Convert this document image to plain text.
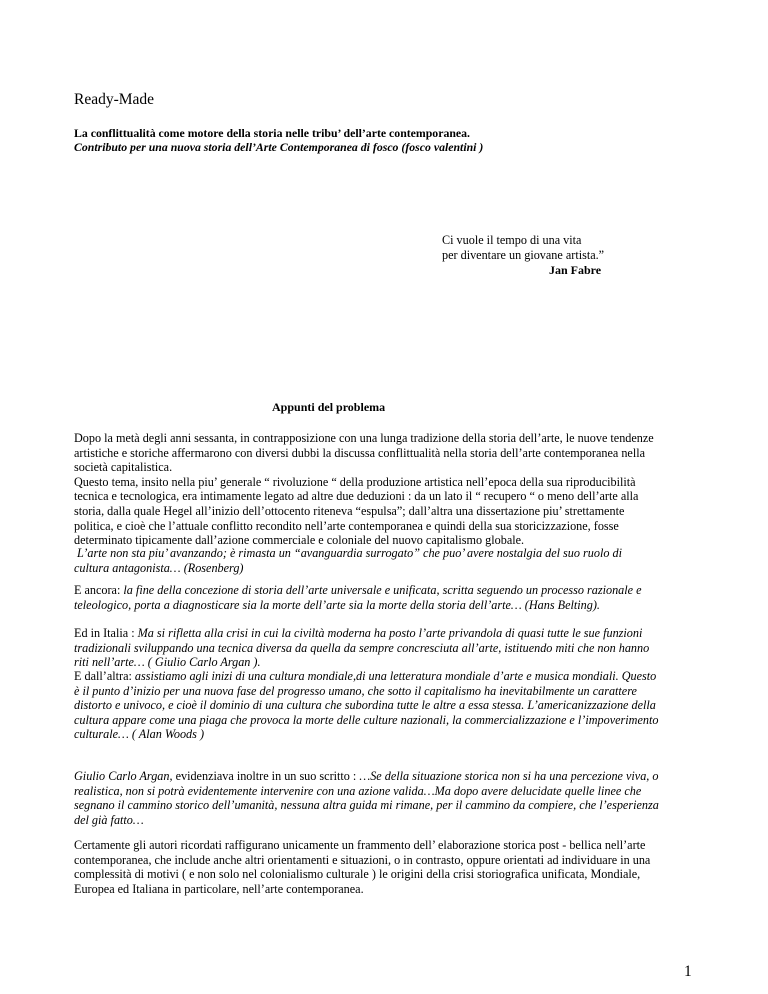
Ready-Made
La conflittualità come motore della storia nelle tribu’ dell’arte contemporanea.
Contributo per una nuova storia dell’Arte Contemporanea di fosco (fosco valentini )
Ci vuole il tempo di una vita
per diventare un giovane artista.”
Jan Fabre
Appunti del problema
Dopo la metà degli anni sessanta, in contrapposizione con una lunga tradizione della storia dell’arte, le nuove tendenze
artistiche e storiche affermarono con diversi dubbi la discussa conflittualità nella storia dell’arte contemporanea nella
società capitalistica.
Questo tema, insito nella piu’ generale “ rivoluzione “ della produzione artistica nell’epoca della sua riproducibilità
tecnica e tecnologica, era intimamente legato ad altre due deduzioni : da un lato il “ recupero “ o meno dell’arte alla
storia, dalla quale Hegel all’inizio dell’ottocento riteneva “espulsa”; dall’altra una dissertazione piu’ strettamente
politica, e cioè che l’attuale conflitto recondito nell’arte contemporanea e quindi della sua storicizzazione, fosse
determinato tipicamente dall’azione commerciale e coloniale del nuovo capitalismo globale.
L’arte non sta piu’ avanzando; è rimasta un “avanguardia surrogato” che puo’ avere nostalgia del suo ruolo di
cultura antagonista… (Rosenberg)
E ancora: la fine della concezione di storia dell’arte universale e unificata, scritta seguendo un processo razionale e
teleologico, porta a diagnosticare sia la morte dell’arte sia la morte della storia dell’arte… (Hans Belting).
Ed in Italia : Ma si rifletta alla crisi in cui la civiltà moderna ha posto l’arte privandola di quasi tutte le sue funzioni
tradizionali sviluppando una tecnica diversa da quella da sempre concresciuta all’arte, istituendo miti che non hanno
riti nell’arte… ( Giulio Carlo Argan ).
E dall’altra: assistiamo agli inizi di una cultura mondiale,di una letteratura mondiale d’arte e musica mondiali. Questo
è il punto d’inizio per una nuova fase del progresso umano, che sotto il capitalismo ha inevitabilmente un carattere
distorto e univoco, e cioè il dominio di una cultura che subordina tutte le altre a essa stessa. L’americanizzazione della
cultura appare come una piaga che provoca la morte delle culture nazionali, la commercializzazione e l’impoverimento
culturale… ( Alan Woods )
Giulio Carlo Argan, evidenziava inoltre in un suo scritto : …Se della situazione storica non si ha una percezione viva, o
realistica, non si potrà evidentemente intervenire con una azione valida…Ma dopo avere delucidate quelle linee che
segnano il cammino storico dell’umanità, nessuna altra guida mi rimane, per il cammino da compiere, che l’esperienza
del già fatto…
Certamente gli autori ricordati raffigurano unicamente un frammento dell’ elaborazione storica post - bellica nell’arte
contemporanea, che include anche altri orientamenti e situazioni, o in contrasto, oppure orientati ad individuare in una
complessità di motivi ( e non solo nel colonialismo culturale ) le origini della crisi storiografica unificata, Mondiale,
Europea ed Italiana in particolare, nell’arte contemporanea.
1
